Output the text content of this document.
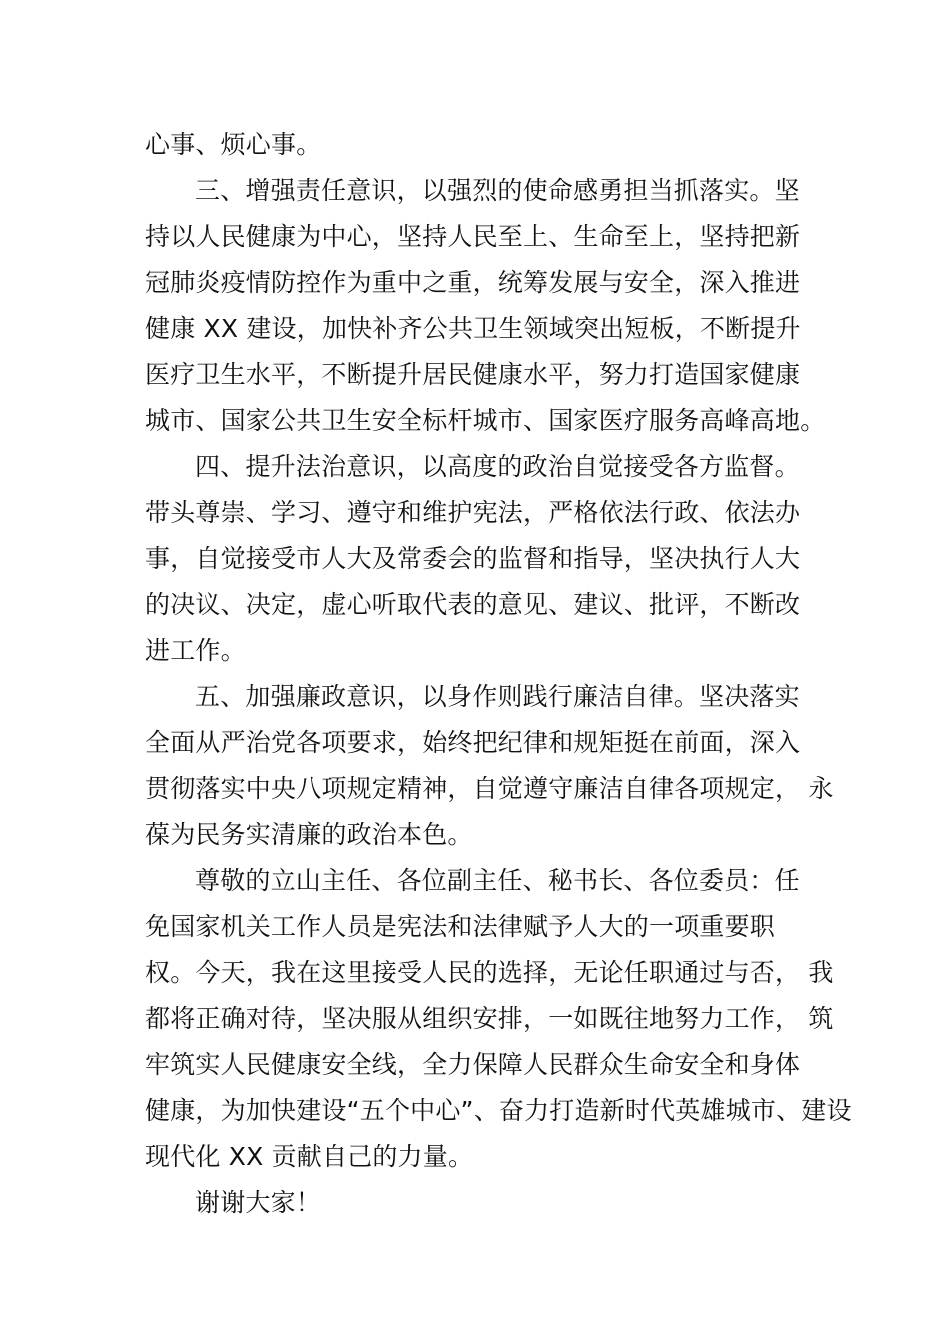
心事、烦心事。
三、增强责任意识，以强烈的使命感勇担当抓落实。坚
持以人民健康为中心，坚持人民至上、生命至上，坚持把新
冠肺炎疫情防控作为重中之重，统筹发展与安全，深入推进
健康 XX 建设，加快补齐公共卫生领域突出短板，不断提升
医疗卫生水平，不断提升居民健康水平，努力打造国家健康
城市、国家公共卫生安全标杆城市、国家医疗服务高峰高地。
四、提升法治意识，以高度的政治自觉接受各方监督。
带头尊崇、学习、遵守和维护宪法，严格依法行政、依法办
事，自觉接受市人大及常委会的监督和指导，坚决执行人大
的决议、决定，虚心听取代表的意见、建议、批评，不断改
进工作。
五、加强廉政意识，以身作则践行廉洁自律。坚决落实
全面从严治党各项要求，始终把纪律和规矩挺在前面，深入
贯彻落实中央八项规定精神，自觉遵守廉洁自律各项规定， 永
葆为民务实清廉的政治本色。
尊敬的立山主任、各位副主任、秘书长、各位委员：任
免国家机关工作人员是宪法和法律赋予人大的一项重要职
权。今天，我在这里接受人民的选择，无论任职通过与否， 我
都将正确对待，坚决服从组织安排，一如既往地努力工作， 筑
牢筑实人民健康安全线，全力保障人民群众生命安全和身体
健康，为加快建设“五个中心”、奋力打造新时代英雄城市、建设
现代化 XX 贡献自己的力量。
谢谢大家！
